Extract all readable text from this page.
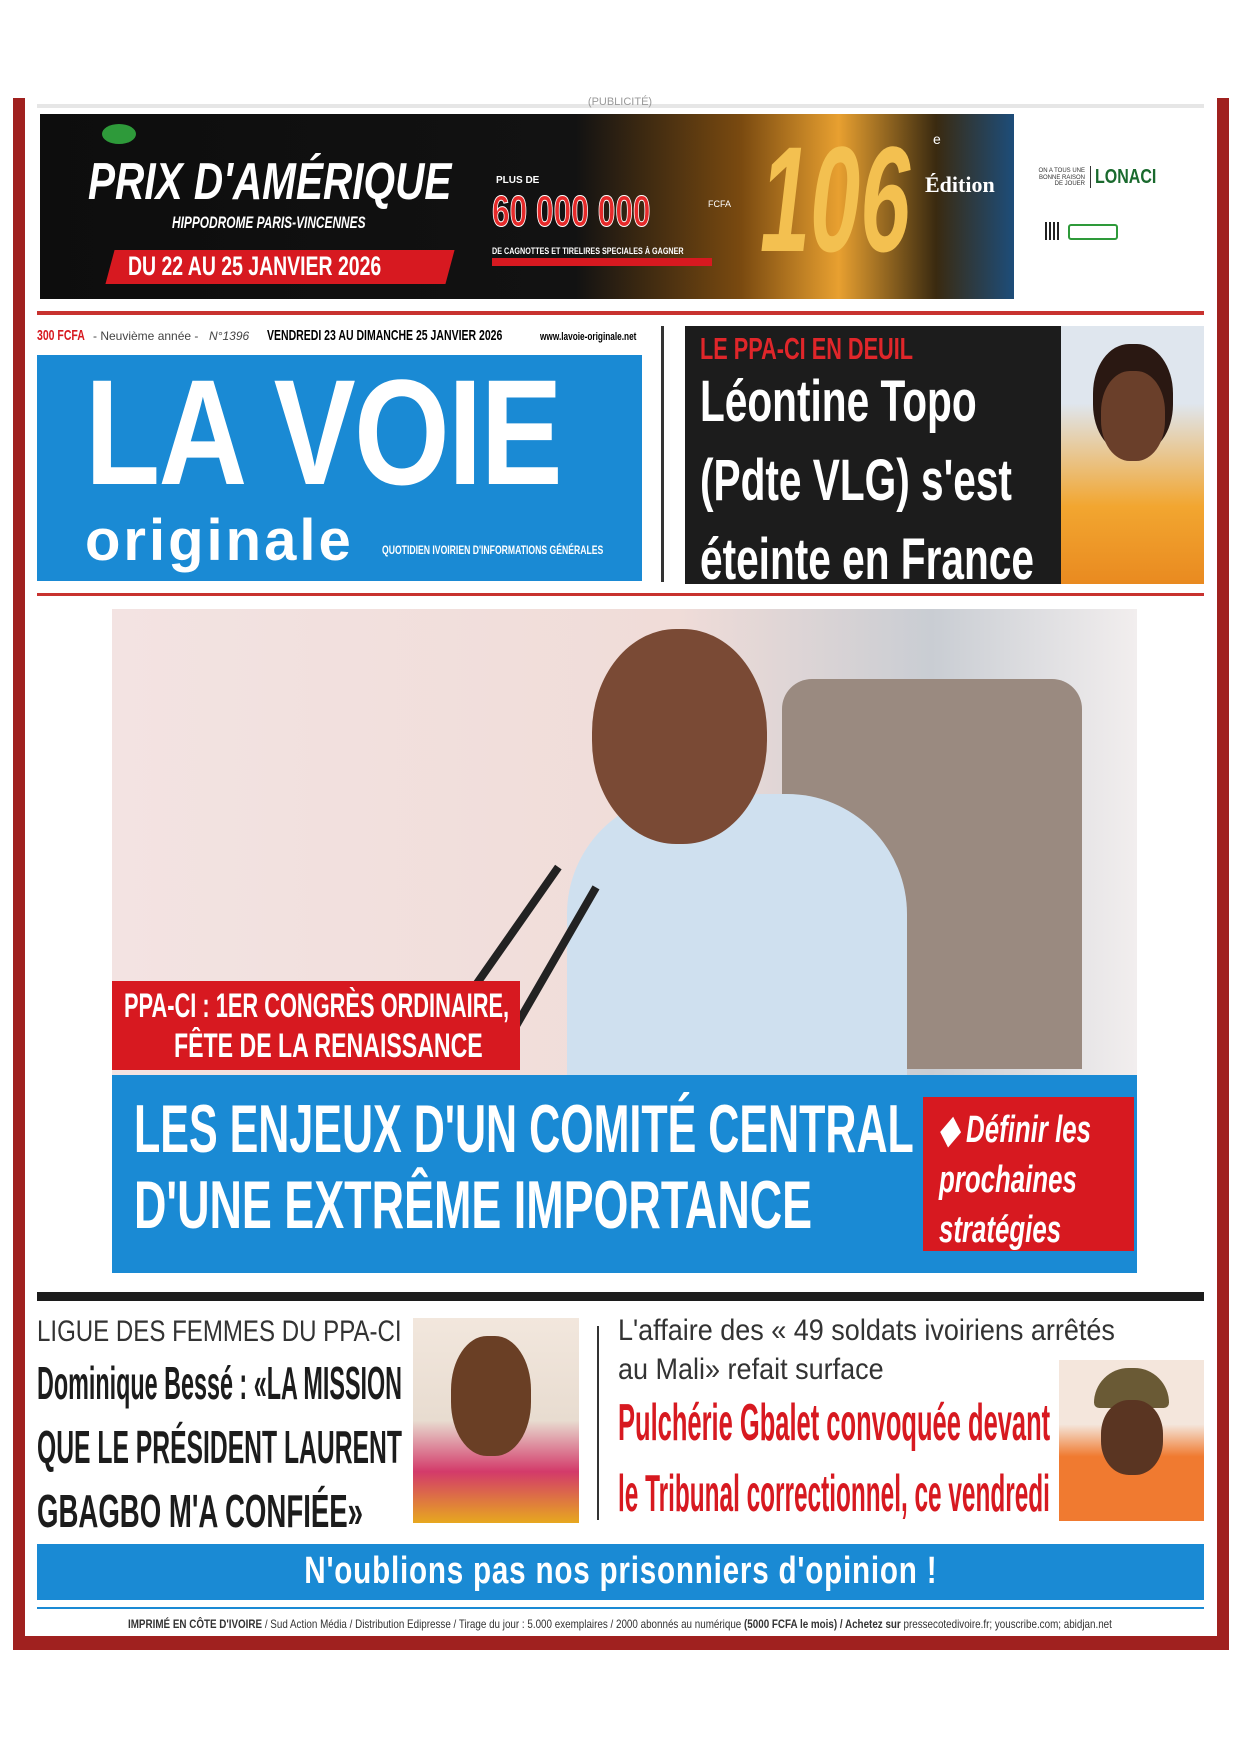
(PUBLICITÉ)
PRIX D'AMÉRIQUE
HIPPODROME PARIS-VINCENNES
DU 22 AU 25 JANVIER 2026
PLUS DE
60 000 000	FCFA
DE CAGNOTTES ET TIRELIRES SPECIALES À GAGNER 106	e
Édition
ON A TOUS UNE BONNE RAISON DE JOUER LONACI
300 FCFA - Neuvième année - N°1396 VENDREDI 23 AU DIMANCHE 25 JANVIER 2026	www.lavoie-originale.net
LA VOIE
originale QUOTIDIEN IVOIRIEN D'INFORMATIONS GÉNÉRALES
LE PPA-CI EN DEUIL
Léontine Topo
(Pdte VLG) s'est
éteinte en France
PPA-CI : 1ER CONGRÈS ORDINAIRE,
FÊTE DE LA RENAISSANCE
LES ENJEUX D'UN COMITÉ CENTRAL
D'UNE EXTRÊME IMPORTANCE
◆ Définir les
prochaines
stratégies
LIGUE DES FEMMES DU PPA-CI
Dominique Bessé : «LA MISSION
QUE LE PRÉSIDENT LAURENT
GBAGBO M'A CONFIÉE»
L'affaire des « 49 soldats ivoiriens arrêtés
au Mali» refait surface
Pulchérie Gbalet convoquée devant
le Tribunal correctionnel, ce vendredi
N'oublions pas nos prisonniers d'opinion !
IMPRIMÉ EN CÔTE D'IVOIRE / Sud Action Média / Distribution Edipresse / Tirage du jour : 5.000 exemplaires / 2000 abonnés au numérique (5000 FCFA le mois) / Achetez sur pressecotedivoire.fr; youscribe.com; abidjan.net
